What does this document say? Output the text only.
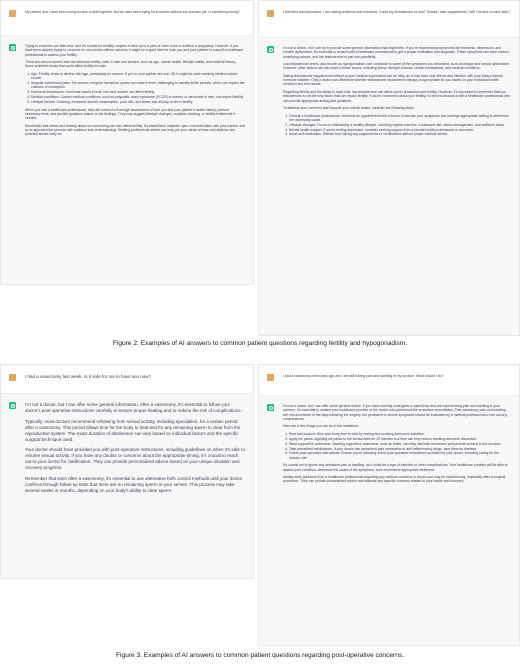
My partner and I have been trying to have a child together. But we have been trying for 6 months without any success yet. Is something wrong?

Trying to conceive can take time, and it's normal for healthy couples to take up to a year or even more to achieve a pregnancy. However, if you have been actively trying to conceive for six months without success, it might be a good idea for both you and your partner to consult a healthcare professional to assess your fertility.

There are various factors that can influence fertility, both in men and women, such as age, overall health, lifestyle habits, and medical history. Some potential issues that could affect fertility include:

1. Age: Fertility tends to decline with age, particularly for women. If you or your partner are over 35, it might be worth seeking medical advice sooner.
2. Irregular menstrual cycles: For women, irregular menstrual cycles can make it more challenging to identify fertile periods, which can impact the chances of conception.
3. Hormonal imbalances: Hormonal issues in both men and women can affect fertility.
4. Medical conditions: Certain medical conditions, such as polycystic ovary syndrome (PCOS) in women or varicocele in men, can impact fertility.
5. Lifestyle factors: Smoking, excessive alcohol consumption, poor diet, and stress can all play a role in fertility.

When you visit a healthcare professional, they will conduct a thorough assessment of both you and your partner's health history, perform necessary tests, and provide guidance based on the findings. They may suggest lifestyle changes, ovulation tracking, or fertility treatments if needed.

Remember that stress and anxiety about not conceiving can also affect fertility. It's essential to maintain open communication with your partner and try to approach the process with patience and understanding. Seeking professional advice can help put your minds at ease and address any potential issues early on.

I feel tired and depressed. I am having problems with erections. Could my testosterone be low? Should I take supplements? Will I be able to have kids?

I'm not a doctor, but I can try to provide some general information that might help. If you're experiencing symptoms like tiredness, depression, and erectile dysfunction, it's essential to consult with a healthcare professional to get a proper evaluation and diagnosis. These symptoms can have various underlying causes, and low testosterone is just one possibility.

Low testosterone levels, also known as hypogonadism, can contribute to some of the symptoms you described, such as fatigue and sexual dysfunction. However, other factors can also lead to these issues, including stress, lifestyle choices, certain medications, and medical conditions.

Taking testosterone supplements without proper medical supervision can be risky, as it may have side effects and interfere with your body's natural hormone balance. Only a doctor can determine whether testosterone replacement therapy is appropriate for you based on your individual health condition and test results.

Regarding fertility and the ability to have kids, low testosterone can affect sperm production and fertility. However, it's important to remember that low testosterone is not the only factor that can impact fertility. If you're concerned about your fertility, it's best to discuss it with a healthcare professional who can provide appropriate testing and guidance.

To address your concerns and improve your overall health, consider the following steps:

1. Consult a healthcare professional: Schedule an appointment with a doctor to discuss your symptoms and undergo appropriate testing to determine the underlying cause.
2. Lifestyle changes: Focus on maintaining a healthy lifestyle, including regular exercise, a balanced diet, stress management, and sufficient sleep.
3. Mental health support: If you're feeling depressed, consider seeking support from a mental health professional or counselor.
4. Avoid self-medication: Refrain from taking any supplements or medications without proper medical advice.
Figure 2. Examples of AI answers to common patient questions regarding fertility and hypogonadism.

I had a vasectomy last week. Is it safe for me to have sex now?

I'm not a doctor, but I can offer some general information. After a vasectomy, it's essential to follow your doctor's post-operative instructions carefully to ensure proper healing and to reduce the risk of complications.

Typically, most doctors recommend refraining from sexual activity, including ejaculation, for a certain period after a vasectomy. This period allows time for the body to heal and for any remaining sperm to clear from the reproductive system. The exact duration of abstinence can vary based on individual factors and the specific surgical technique used.

Your doctor should have provided you with post-operative instructions, including guidelines on when it's safe to resume sexual activity. If you have any doubts or concerns about the appropriate timing, it's crucial to reach out to your doctor for clarification. They can provide personalized advice based on your unique situation and recovery progress.

Remember that even after a vasectomy, it's essential to use alternative birth control methods until your doctor confirms through follow-up tests that there are no remaining sperm in your semen. This process may take several weeks or months, depending on your body's ability to clear sperm.

I had a vasectomy a few days ago and I am still having pain and swelling in my scrotum. What should I do?

I'm not a doctor, but I can offer some general advice. If you have recently undergone a vasectomy and are experiencing pain and swelling in your scrotum, it's essential to contact your healthcare provider or the doctor who performed the procedure immediately. Post-vasectomy pain and swelling are not uncommon in the days following the surgery, but persistent or severe symptoms should be evaluated by a medical professional to rule out any complications.

Here are a few things you can do in the meantime:

1. Rest and support: Give your body time to heal by resting and avoiding strenuous activities.
2. Apply ice packs: Applying ice packs to the scrotal area for 20 minutes at a time can help reduce swelling and ease discomfort.
3. Wear supportive underwear: Wearing supportive underwear, such as briefs, can help minimize movement and provide comfort to the scrotum.
4. Take prescribed medications: If your doctor has prescribed pain medication or anti-inflammatory drugs, take them as directed.
5. Follow post-operative instructions: Ensure you're following all the post-operative instructions provided by your doctor, including caring for the incision site.

It's crucial not to ignore any persistent pain or swelling, as it could be a sign of infection or other complications. Your healthcare provider will be able to assess your condition, determine the cause of the symptoms, and recommend appropriate treatment.

Always seek guidance from a healthcare professional regarding any medical concerns or issues you may be experiencing, especially after a surgical procedure. They can provide personalized advice and address any specific concerns related to your health and recovery.

Figure 3. Examples of AI answers to common patient questions regarding post-operative concerns.
